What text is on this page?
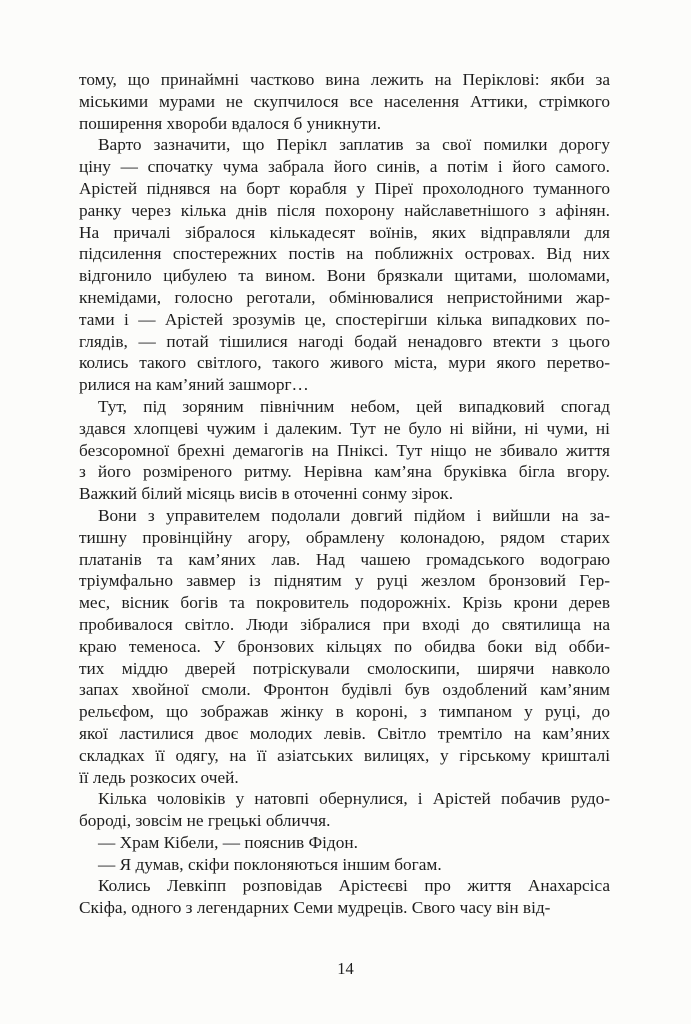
тому, що принаймні частково вина лежить на Періклові: якби за
міськими мурами не скупчилося все населення Аттики, стрімкого
поширення хвороби вдалося б уникнути.
Варто зазначити, що Перікл заплатив за свої помилки дорогу
ціну — спочатку чума забрала його синів, а потім і його самого.
Арістей піднявся на борт корабля у Піреї прохолодного туманного
ранку через кілька днів після похорону найславетнішого з афінян.
На причалі зібралося кількадесят воїнів, яких відправляли для
підсилення спостережних постів на поближніх островах. Від них
відгонило цибулею та вином. Вони брязкали щитами, шоломами,
кнемідами, голосно реготали, обмінювалися непристойними жар-
тами і — Арістей зрозумів це, спостерігши кілька випадкових по-
глядів, — потай тішилися нагоді бодай ненадовго втекти з цього
колись такого світлого, такого живого міста, мури якого перетво-
рилися на кам’яний зашморг…
Тут, під зоряним північним небом, цей випадковий спогад
здався хлопцеві чужим і далеким. Тут не було ні війни, ні чуми, ні
безсоромної брехні демагогів на Пніксі. Тут ніщо не збивало життя
з його розміреного ритму. Нерівна кам’яна бруківка бігла вгору.
Важкий білий місяць висів в оточенні сонму зірок.
Вони з управителем подолали довгий підйом і вийшли на за-
тишну провінційну агору, обрамлену колонадою, рядом старих
платанів та кам’яних лав. Над чашею громадського водограю
тріумфально завмер із піднятим у руці жезлом бронзовий Гер-
мес, вісник богів та покровитель подорожніх. Крізь крони дерев
пробивалося світло. Люди зібралися при вході до святилища на
краю теменоса. У бронзових кільцях по обидва боки від обби-
тих міддю дверей потріскували смолоскипи, ширячи навколо
запах хвойної смоли. Фронтон будівлі був оздоблений кам’яним
рельєфом, що зображав жінку в короні, з тимпаном у руці, до
якої ластилися двоє молодих левів. Світло тремтіло на кам’яних
складках її одягу, на її азіатських вилицях, у гірському кришталі
її ледь розкосих очей.
Кілька чоловіків у натовпі обернулися, і Арістей побачив рудо-
бороді, зовсім не грецькі обличчя.
— Храм Кібели, — пояснив Фідон.
— Я думав, скіфи поклоняються іншим богам.
Колись Левкіпп розповідав Арістеєві про життя Анахарсіса
Скіфа, одного з легендарних Семи мудреців. Свого часу він від-
14
